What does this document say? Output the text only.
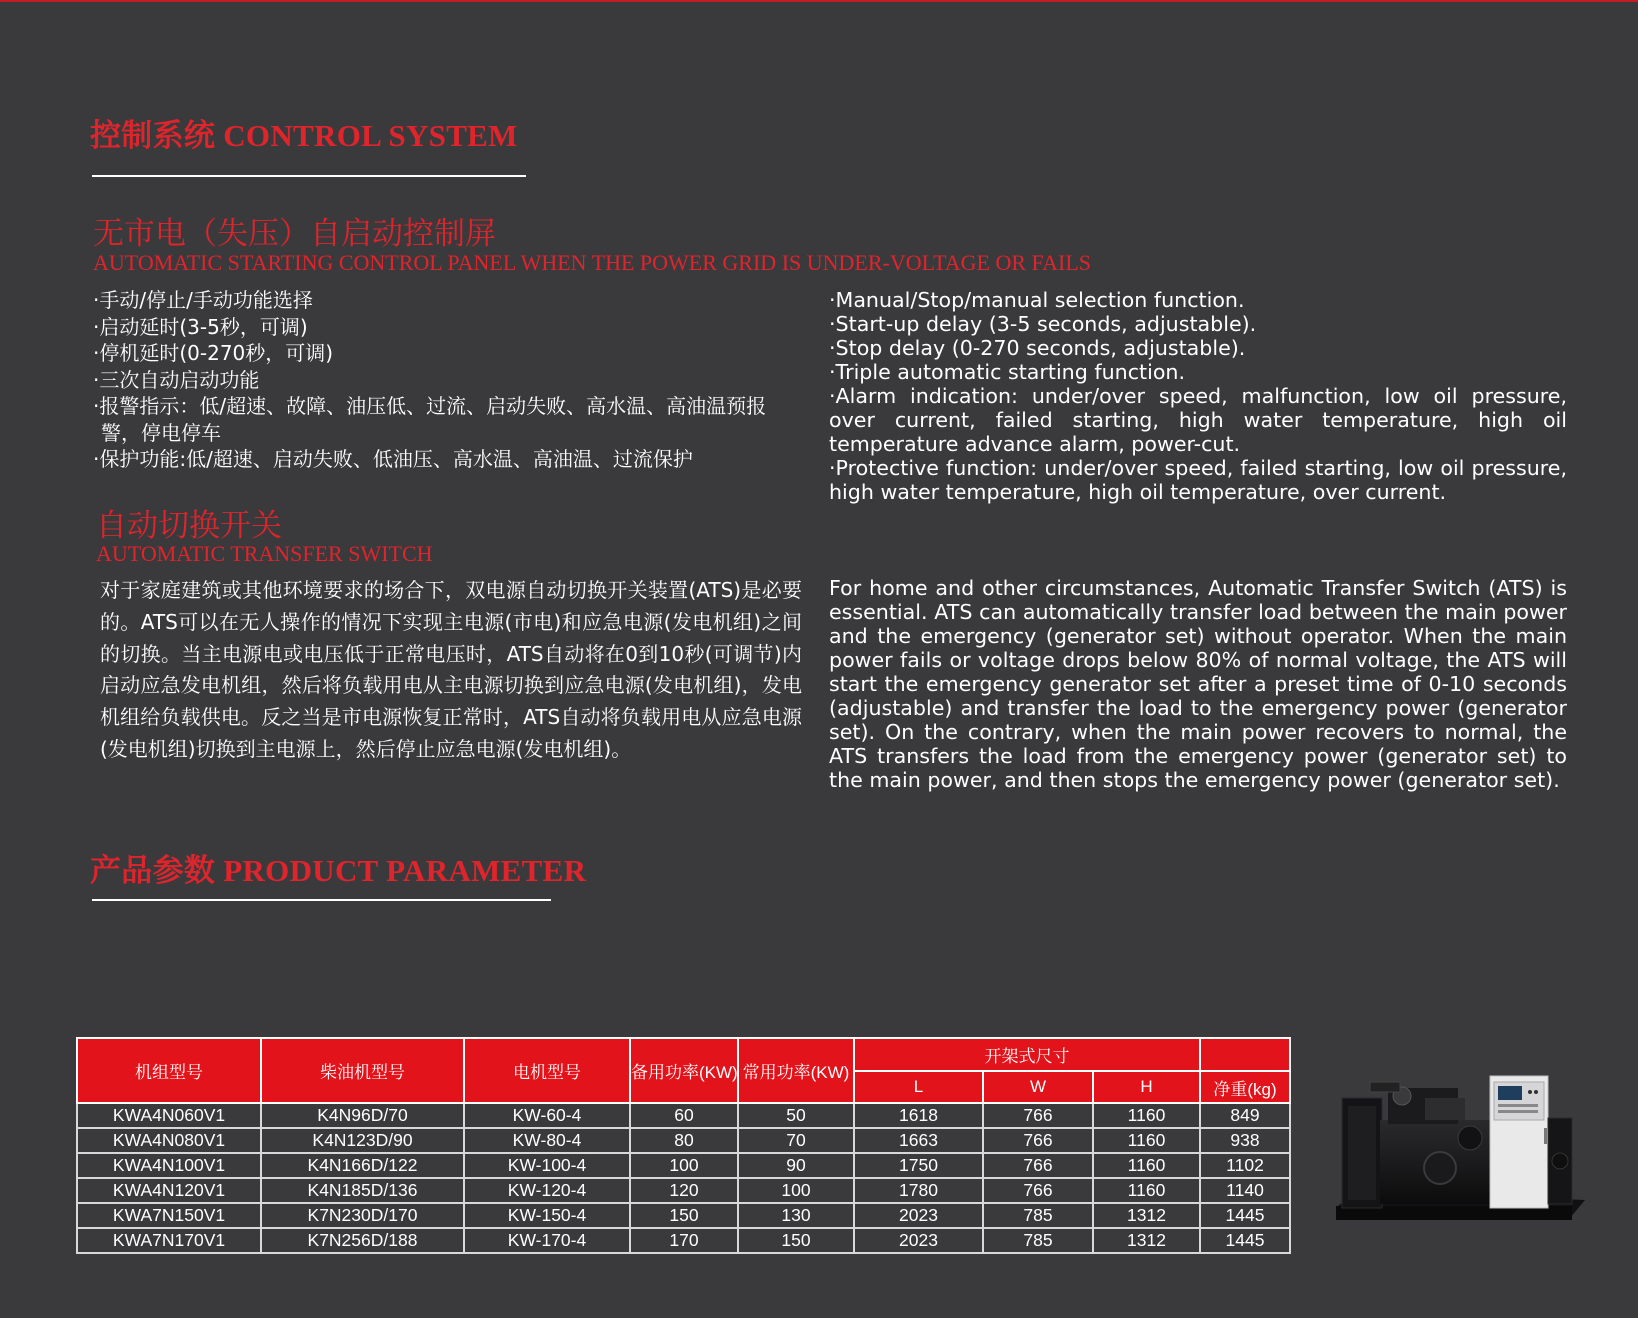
控制系统 CONTROL SYSTEM
无市电（失压）自启动控制屏
AUTOMATIC STARTING CONTROL PANEL WHEN THE POWER GRID IS UNDER-VOLTAGE OR FAILS
·手动/停止/手动功能选择
·启动延时(3-5秒，可调)
·停机延时(0-270秒，可调)
·三次自动启动功能
·报警指示：低/超速、故障、油压低、过流、启动失败、高水温、高油温预报警，停电停车
·保护功能:低/超速、启动失败、低油压、高水温、高油温、过流保护
·Manual/Stop/manual selection function.
·Start-up delay (3-5 seconds, adjustable).
·Stop delay (0-270 seconds, adjustable).
·Triple automatic starting function.
·Alarm indication: under/over speed, malfunction, low oil pressure, over current, failed starting, high water temperature, high oil temperature advance alarm, power-cut.
·Protective function: under/over speed, failed starting, low oil pressure, high water temperature, high oil temperature, over current.
自动切换开关
AUTOMATIC TRANSFER SWITCH

对于家庭建筑或其他环境要求的场合下，双电源自动切换开关装置(ATS)是必要的。ATS可以在无人操作的情况下实现主电源(市电)和应急电源(发电机组)之间的切换。当主电源电或电压低于正常电压时，ATS自动将在0到10秒(可调节)内启动应急发电机组，然后将负载用电从主电源切换到应急电源(发电机组)，发电机组给负载供电。反之当是市电源恢复正常时，ATS自动将负载用电从应急电源(发电机组)切换到主电源上，然后停止应急电源(发电机组)。

For home and other circumstances, Automatic Transfer Switch (ATS) is essential. ATS can automatically transfer load between the main power and the emergency (generator set) without operator. When the main power fails or voltage drops below 80% of normal voltage, the ATS will start the emergency generator set after a preset time of 0-10 seconds (adjustable) and transfer the load to the emergency power (generator set). On the contrary, when the main power recovers to normal, the ATS transfers the load from the emergency power (generator set) to the main power, and then stops the emergency power (generator set).

产品参数 PRODUCT PARAMETER
机组型号	柴油机型号	电机型号	备用功率(KW)	常用功率(KW)	开架式尺寸			
					L	W	H	净重(kg)
KWA4N060V1	K4N96D/70	KW-60-4	60	50	1618	766	1160	849
KWA4N080V1	K4N123D/90	KW-80-4	80	70	1663	766	1160	938
KWA4N100V1	K4N166D/122	KW-100-4	100	90	1750	766	1160	1102
KWA4N120V1	K4N185D/136	KW-120-4	120	100	1780	766	1160	1140
KWA7N150V1	K7N230D/170	KW-150-4	150	130	2023	785	1312	1445
KWA7N170V1	K7N256D/188	KW-170-4	170	150	2023	785	1312	1445
